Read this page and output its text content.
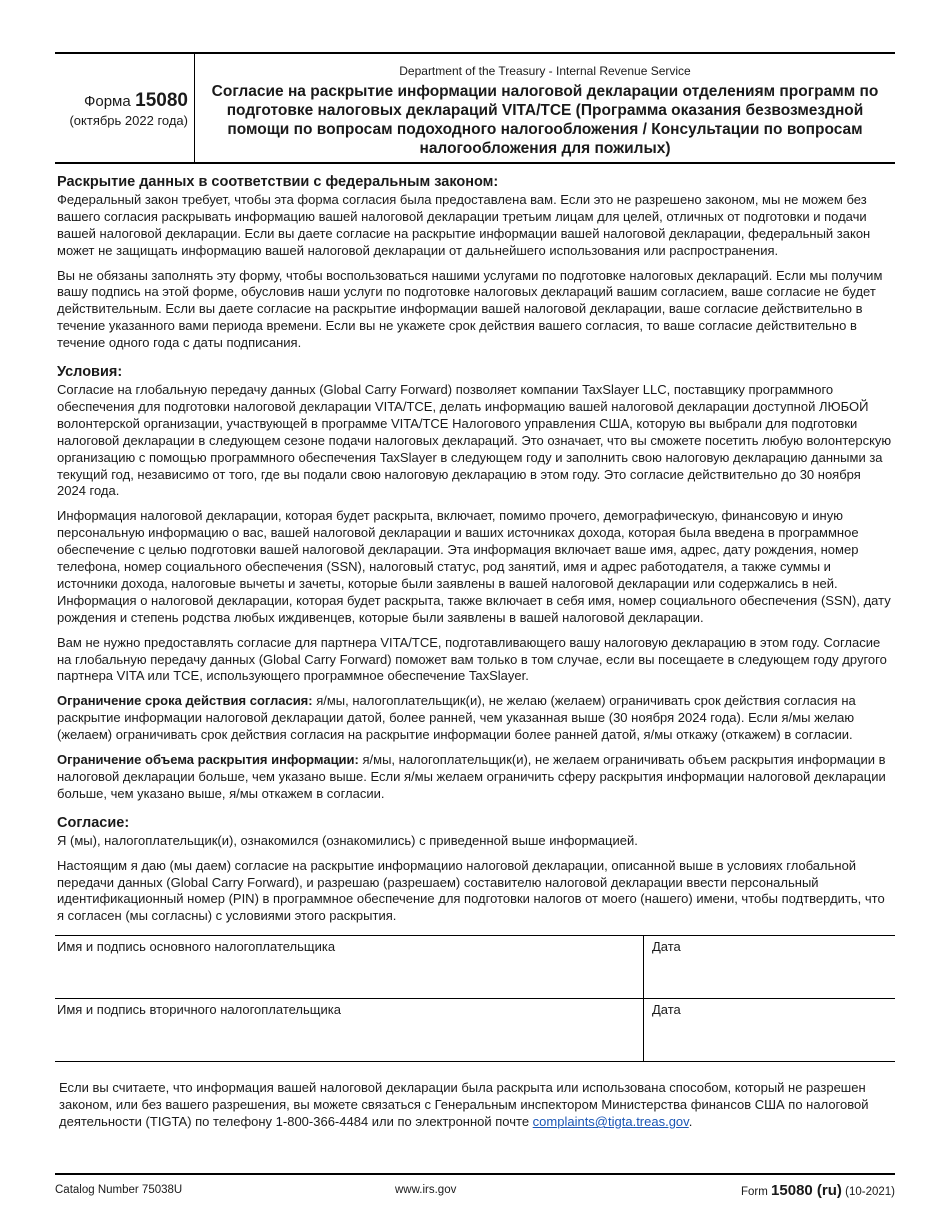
Форма 15080
(октябрь 2022 года)
Department of the Treasury - Internal Revenue Service
Согласие на раскрытие информации налоговой декларации отделениям программ по подготовке налоговых деклараций VITA/TCE (Программа оказания безвозмездной помощи по вопросам подоходного налогообложения / Консультации по вопросам налогообложения для пожилых)
Раскрытие данных в соответствии с федеральным законом:

Федеральный закон требует, чтобы эта форма согласия была предоставлена вам. Если это не разрешено законом, мы не можем без вашего согласия раскрывать информацию вашей налоговой декларации третьим лицам для целей, отличных от подготовки и подачи вашей налоговой декларации. Если вы даете согласие на раскрытие информации вашей налоговой декларации, федеральный закон может не защищать информацию вашей налоговой декларации от дальнейшего использования или распространения.

Вы не обязаны заполнять эту форму, чтобы воспользоваться нашими услугами по подготовке налоговых деклараций. Если мы получим вашу подпись на этой форме, обусловив наши услуги по подготовке налоговых деклараций вашим согласием, ваше согласие не будет действительным. Если вы даете согласие на раскрытие информации вашей налоговой декларации, ваше согласие действительно в течение указанного вами периода времени. Если вы не укажете срок действия вашего согласия, то ваше согласие действительно в течение одного года с даты подписания.

Условия:

Согласие на глобальную передачу данных (Global Carry Forward) позволяет компании TaxSlayer LLC, поставщику программного обеспечения для подготовки налоговой декларации VITA/TCE, делать информацию вашей налоговой декларации доступной ЛЮБОЙ волонтерской организации, участвующей в программе VITA/TCE Налогового управления США, которую вы выбрали для подготовки налоговой декларации в следующем сезоне подачи налоговых деклараций. Это означает, что вы сможете посетить любую волонтерскую организацию с помощью программного обеспечения TaxSlayer в следующем году и заполнить свою налоговую декларацию данными за текущий год, независимо от того, где вы подали свою налоговую декларацию в этом году. Это согласие действительно до 30 ноября 2024 года.

Информация налоговой декларации, которая будет раскрыта, включает, помимо прочего, демографическую, финансовую и иную персональную информацию о вас, вашей налоговой декларации и ваших источниках дохода, которая была введена в программное обеспечение с целью подготовки вашей налоговой декларации. Эта информация включает ваше имя, адрес, дату рождения, номер телефона, номер социального обеспечения (SSN), налоговый статус, род занятий, имя и адрес работодателя, а также суммы и источники дохода, налоговые вычеты и зачеты, которые были заявлены в вашей налоговой декларации или содержались в ней. Информация о налоговой декларации, которая будет раскрыта, также включает в себя имя, номер социального обеспечения (SSN), дату рождения и степень родства любых иждивенцев, которые были заявлены в вашей налоговой декларации.

Вам не нужно предоставлять согласие для партнера VITA/TCE, подготавливающего вашу налоговую декларацию в этом году. Согласие на глобальную передачу данных (Global Carry Forward) поможет вам только в том случае, если вы посещаете в следующем году другого партнера VITA или TCE, использующего программное обеспечение TaxSlayer.

Ограничение срока действия согласия: я/мы, налогоплательщик(и), не желаю (желаем) ограничивать срок действия согласия на раскрытие информации налоговой декларации датой, более ранней, чем указанная выше (30 ноября 2024 года). Если я/мы желаю (желаем) ограничивать срок действия согласия на раскрытие информации более ранней датой, я/мы откажу (откажем) в согласии.

Ограничение объема раскрытия информации: я/мы, налогоплательщик(и), не желаем ограничивать объем раскрытия информации в налоговой декларации больше, чем указано выше. Если я/мы желаем ограничить сферу раскрытия информации налоговой декларации больше, чем указано выше, я/мы откажем в согласии.

Согласие:

Я (мы), налогоплательщик(и), ознакомился (ознакомились) с приведенной выше информацией.

Настоящим я даю (мы даем) согласие на раскрытие информациио налоговой декларации, описанной выше в условиях глобальной передачи данных (Global Carry Forward), и разрешаю (разрешаем) составителю налоговой декларации ввести персональный идентификационный номер (PIN) в программное обеспечение для подготовки налогов от моего (нашего) имени, чтобы подтвердить, что я согласен (мы согласны) с условиями этого раскрытия.

Имя и подпись основного налогоплательщика	Дата
Имя и подпись вторичного налогоплательщика	Дата
Если вы считаете, что информация вашей налоговой декларации была раскрыта или использована способом, который не разрешен законом, или без вашего разрешения, вы можете связаться с Генеральным инспектором Министерства финансов США по налоговой деятельности (TIGTA) по телефону 1-800-366-4484 или по электронной почте complaints@tigta.treas.gov.
Catalog Number 75038U	www.irs.gov	Form 15080 (ru) (10-2021)
